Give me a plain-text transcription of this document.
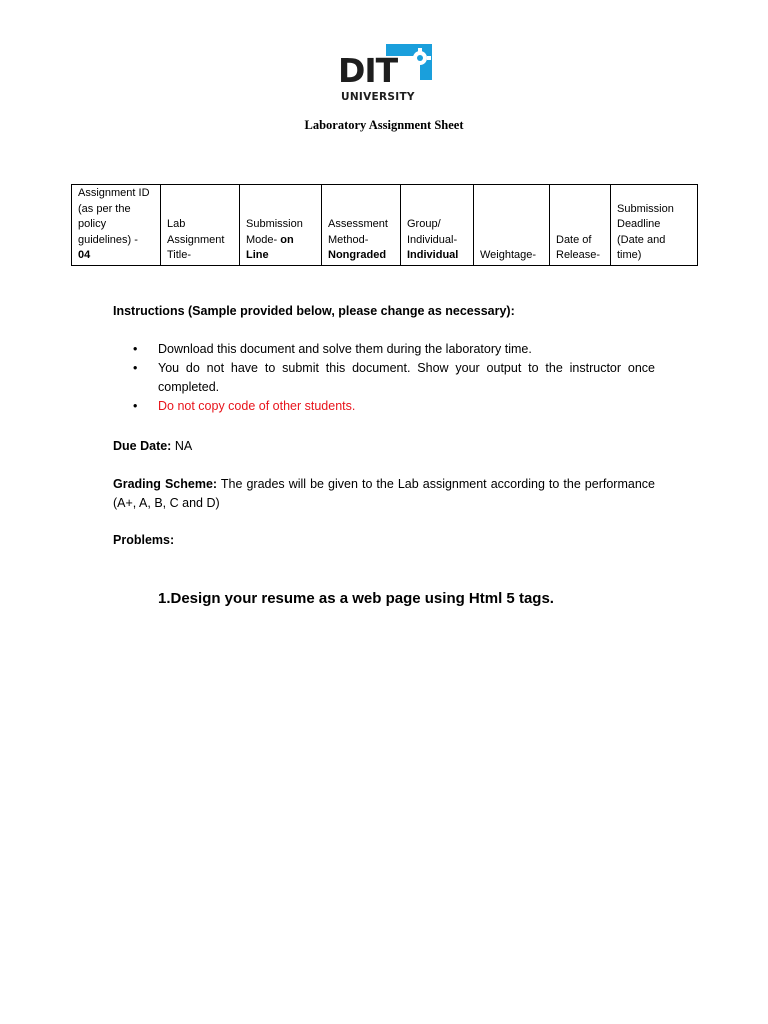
DIT
UNIVERSITY
Laboratory Assignment Sheet
Assignment ID
(as per the
policy
guidelines) -
04

Lab
Assignment
Title-

Submission
Mode- on
Line

Assessment
Method-
Nongraded

Group/
Individual-
Individual	Weightage-

Date of
Release-

Submission
Deadline
(Date and
time)
Instructions (Sample provided below, please change as necessary):
• Download this document and solve them during the laboratory time.
• You do not have to submit this document. Show your output to the instructor once completed.
• Do not copy code of other students.
Due Date: NA
Grading Scheme: The grades will be given to the Lab assignment according to the performance (A+, A, B, C and D)
Problems:
1.Design your resume as a web page using Html 5 tags.
